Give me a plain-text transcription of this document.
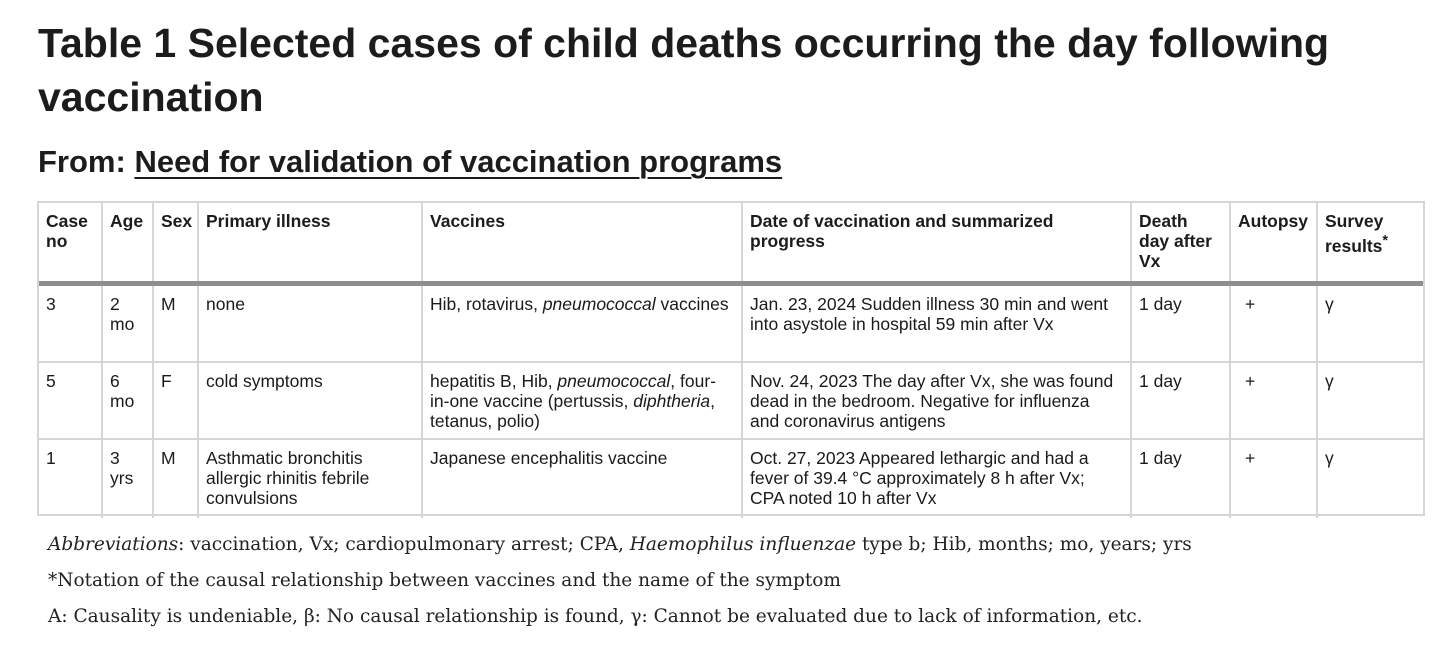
Table 1 Selected cases of child deaths occurring the day following vaccination
From: Need for validation of vaccination programs
Case no	Age	Sex	Primary illness	Vaccines	Date of vaccination and summarized progress	Death day after Vx	Autopsy	Survey results*
3	2 mo	M	none	Hib, rotavirus, pneumococcal vaccines	Jan. 23, 2024 Sudden illness 30 min and went into asystole in hospital 59 min after Vx	1 day	+	γ
5	6 mo	F	cold symptoms	hepatitis B, Hib, pneumococcal, four-in-one vaccine (pertussis, diphtheria, tetanus, polio)	Nov. 24, 2023 The day after Vx, she was found dead in the bedroom. Negative for influenza and coronavirus antigens	1 day	+	γ
1	3 yrs	M	Asthmatic bronchitis allergic rhinitis febrile convulsions	Japanese encephalitis vaccine	Oct. 27, 2023 Appeared lethargic and had a fever of 39.4 °C approximately 8 h after Vx; CPA noted 10 h after Vx	1 day	+	γ

Abbreviations: vaccination, Vx; cardiopulmonary arrest; CPA, Haemophilus influenzae type b; Hib, months; mo, years; yrs

*Notation of the causal relationship between vaccines and the name of the symptom

A: Causality is undeniable, β: No causal relationship is found, γ: Cannot be evaluated due to lack of information, etc.
